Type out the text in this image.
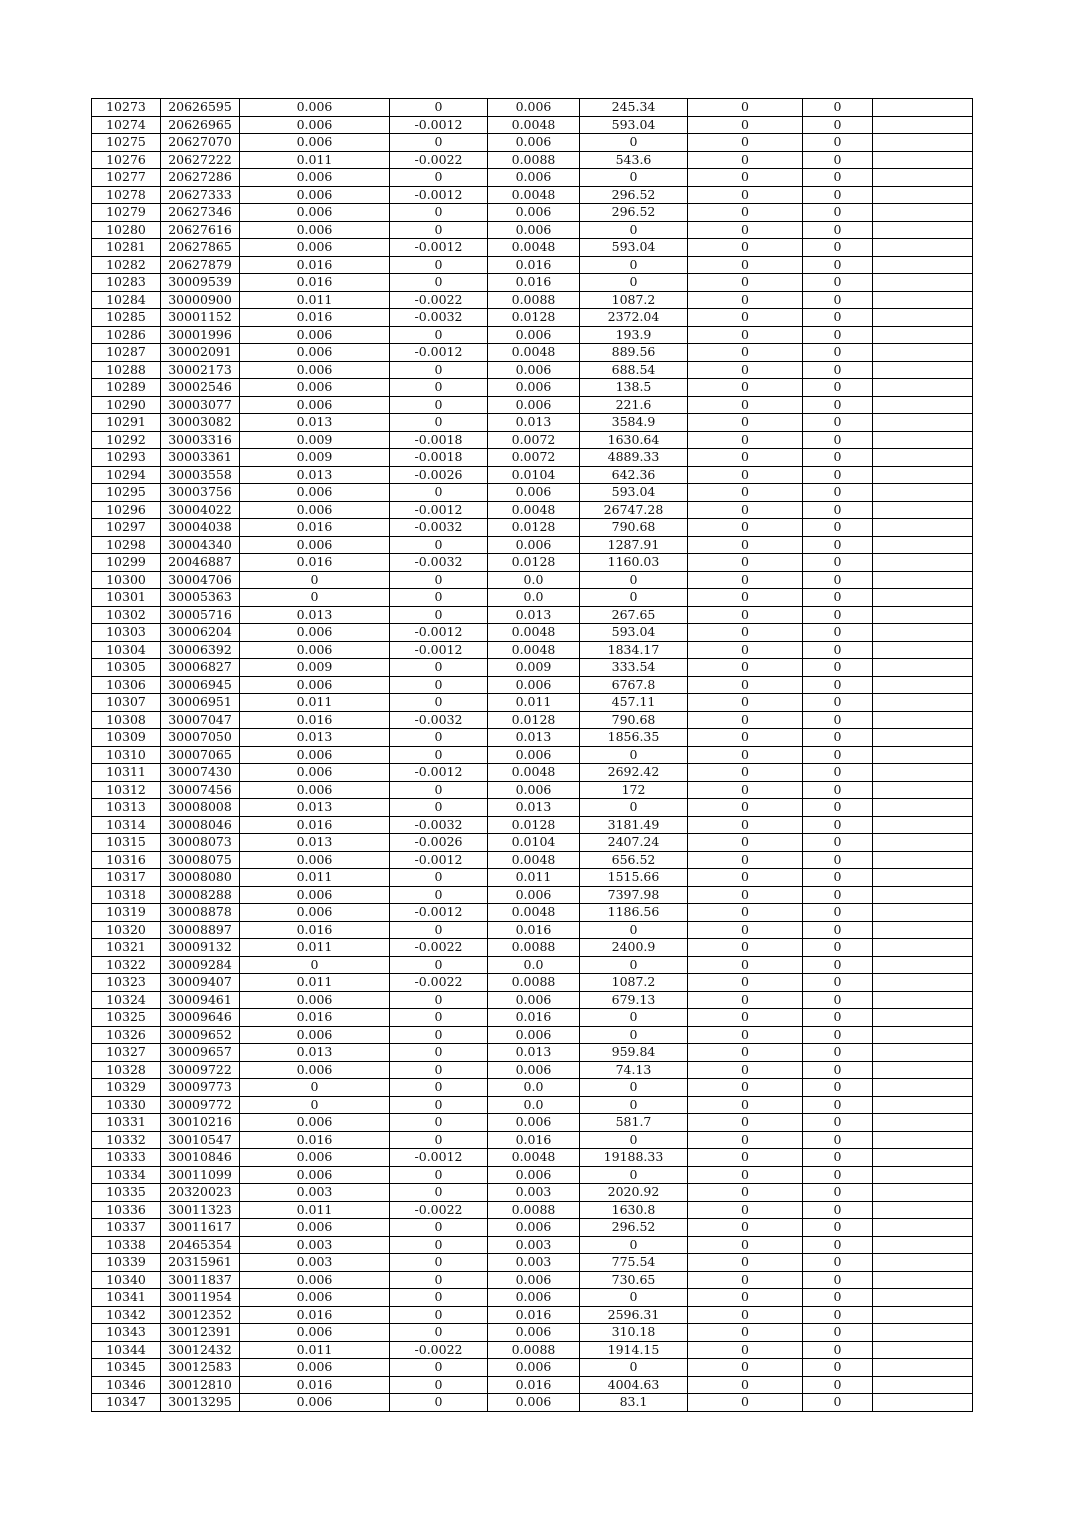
10273	20626595	0.006	0	0.006	245.34	0	0	
10274	20626965	0.006	-0.0012	0.0048	593.04	0	0	
10275	20627070	0.006	0	0.006	0	0	0	
10276	20627222	0.011	-0.0022	0.0088	543.6	0	0	
10277	20627286	0.006	0	0.006	0	0	0	
10278	20627333	0.006	-0.0012	0.0048	296.52	0	0	
10279	20627346	0.006	0	0.006	296.52	0	0	
10280	20627616	0.006	0	0.006	0	0	0	
10281	20627865	0.006	-0.0012	0.0048	593.04	0	0	
10282	20627879	0.016	0	0.016	0	0	0	
10283	30009539	0.016	0	0.016	0	0	0	
10284	30000900	0.011	-0.0022	0.0088	1087.2	0	0	
10285	30001152	0.016	-0.0032	0.0128	2372.04	0	0	
10286	30001996	0.006	0	0.006	193.9	0	0	
10287	30002091	0.006	-0.0012	0.0048	889.56	0	0	
10288	30002173	0.006	0	0.006	688.54	0	0	
10289	30002546	0.006	0	0.006	138.5	0	0	
10290	30003077	0.006	0	0.006	221.6	0	0	
10291	30003082	0.013	0	0.013	3584.9	0	0	
10292	30003316	0.009	-0.0018	0.0072	1630.64	0	0	
10293	30003361	0.009	-0.0018	0.0072	4889.33	0	0	
10294	30003558	0.013	-0.0026	0.0104	642.36	0	0	
10295	30003756	0.006	0	0.006	593.04	0	0	
10296	30004022	0.006	-0.0012	0.0048	26747.28	0	0	
10297	30004038	0.016	-0.0032	0.0128	790.68	0	0	
10298	30004340	0.006	0	0.006	1287.91	0	0	
10299	20046887	0.016	-0.0032	0.0128	1160.03	0	0	
10300	30004706	0	0	0.0	0	0	0	
10301	30005363	0	0	0.0	0	0	0	
10302	30005716	0.013	0	0.013	267.65	0	0	
10303	30006204	0.006	-0.0012	0.0048	593.04	0	0	
10304	30006392	0.006	-0.0012	0.0048	1834.17	0	0	
10305	30006827	0.009	0	0.009	333.54	0	0	
10306	30006945	0.006	0	0.006	6767.8	0	0	
10307	30006951	0.011	0	0.011	457.11	0	0	
10308	30007047	0.016	-0.0032	0.0128	790.68	0	0	
10309	30007050	0.013	0	0.013	1856.35	0	0	
10310	30007065	0.006	0	0.006	0	0	0	
10311	30007430	0.006	-0.0012	0.0048	2692.42	0	0	
10312	30007456	0.006	0	0.006	172	0	0	
10313	30008008	0.013	0	0.013	0	0	0	
10314	30008046	0.016	-0.0032	0.0128	3181.49	0	0	
10315	30008073	0.013	-0.0026	0.0104	2407.24	0	0	
10316	30008075	0.006	-0.0012	0.0048	656.52	0	0	
10317	30008080	0.011	0	0.011	1515.66	0	0	
10318	30008288	0.006	0	0.006	7397.98	0	0	
10319	30008878	0.006	-0.0012	0.0048	1186.56	0	0	
10320	30008897	0.016	0	0.016	0	0	0	
10321	30009132	0.011	-0.0022	0.0088	2400.9	0	0	
10322	30009284	0	0	0.0	0	0	0	
10323	30009407	0.011	-0.0022	0.0088	1087.2	0	0	
10324	30009461	0.006	0	0.006	679.13	0	0	
10325	30009646	0.016	0	0.016	0	0	0	
10326	30009652	0.006	0	0.006	0	0	0	
10327	30009657	0.013	0	0.013	959.84	0	0	
10328	30009722	0.006	0	0.006	74.13	0	0	
10329	30009773	0	0	0.0	0	0	0	
10330	30009772	0	0	0.0	0	0	0	
10331	30010216	0.006	0	0.006	581.7	0	0	
10332	30010547	0.016	0	0.016	0	0	0	
10333	30010846	0.006	-0.0012	0.0048	19188.33	0	0	
10334	30011099	0.006	0	0.006	0	0	0	
10335	20320023	0.003	0	0.003	2020.92	0	0	
10336	30011323	0.011	-0.0022	0.0088	1630.8	0	0	
10337	30011617	0.006	0	0.006	296.52	0	0	
10338	20465354	0.003	0	0.003	0	0	0	
10339	20315961	0.003	0	0.003	775.54	0	0	
10340	30011837	0.006	0	0.006	730.65	0	0	
10341	30011954	0.006	0	0.006	0	0	0	
10342	30012352	0.016	0	0.016	2596.31	0	0	
10343	30012391	0.006	0	0.006	310.18	0	0	
10344	30012432	0.011	-0.0022	0.0088	1914.15	0	0	
10345	30012583	0.006	0	0.006	0	0	0	
10346	30012810	0.016	0	0.016	4004.63	0	0	
10347	30013295	0.006	0	0.006	83.1	0	0	
